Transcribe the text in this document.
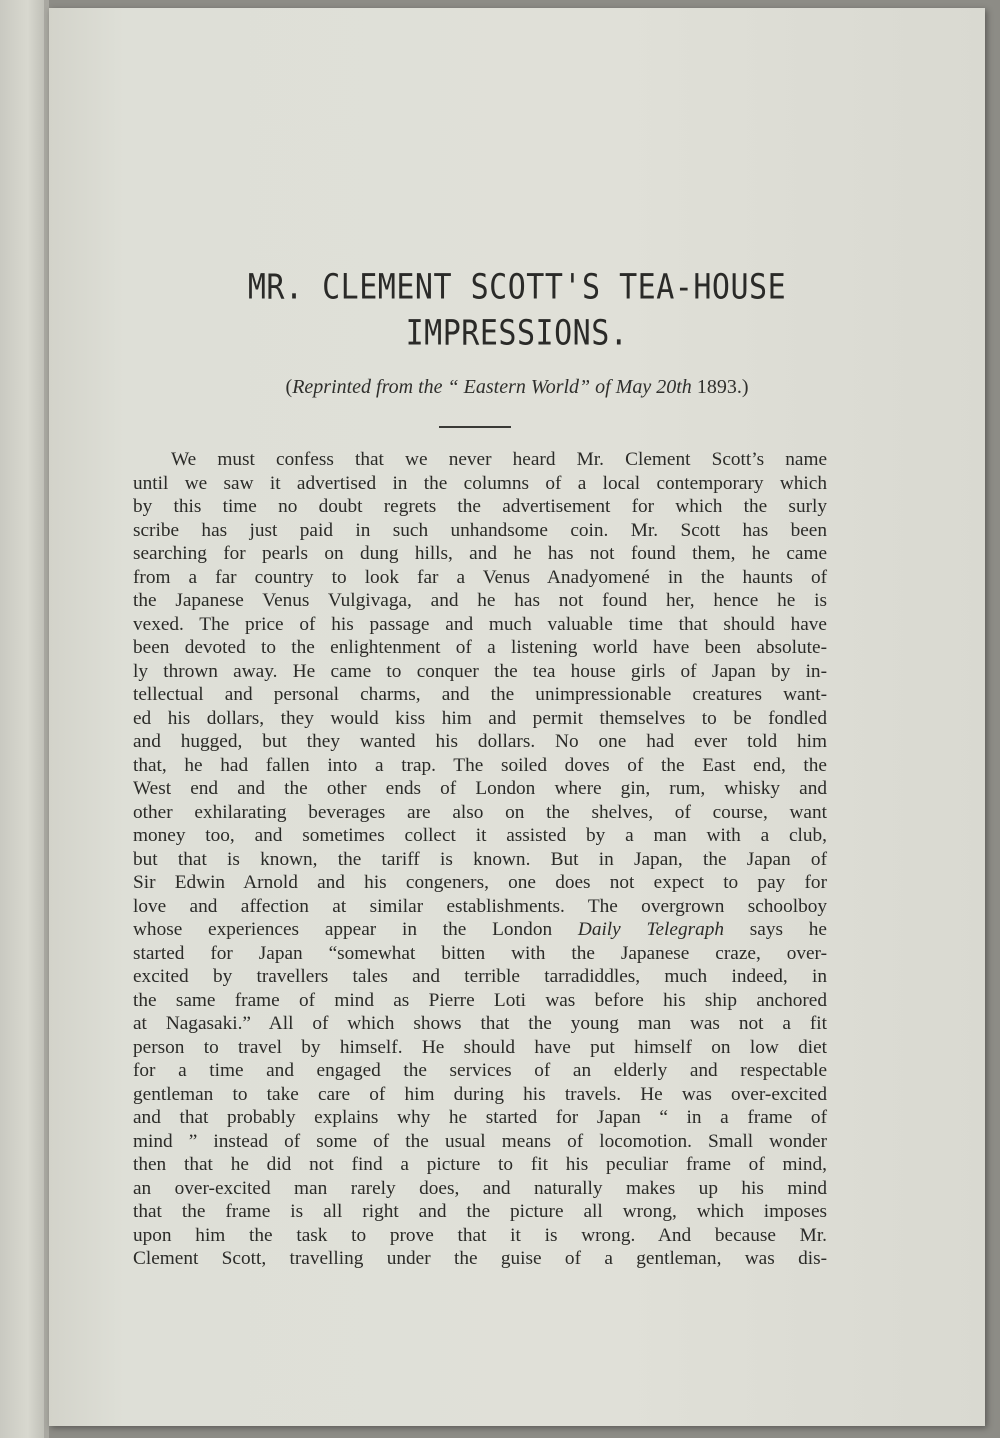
MR. CLEMENT SCOTT'S TEA-HOUSE
IMPRESSIONS.
(Reprinted from the “ Eastern World” of May 20th 1893.)
We must confess that we never heard Mr. Clement Scott’s name
until we saw it advertised in the columns of a local contemporary which
by this time no doubt regrets the advertisement for which the surly
scribe has just paid in such unhandsome coin. Mr. Scott has been
searching for pearls on dung hills, and he has not found them, he came
from a far country to look far a Venus Anadyomené in the haunts of
the Japanese Venus Vulgivaga, and he has not found her, hence he is
vexed. The price of his passage and much valuable time that should have
been devoted to the enlightenment of a listening world have been absolute-
ly thrown away. He came to conquer the tea house girls of Japan by in-
tellectual and personal charms, and the unimpressionable creatures want-
ed his dollars, they would kiss him and permit themselves to be fondled
and hugged, but they wanted his dollars. No one had ever told him
that, he had fallen into a trap. The soiled doves of the East end, the
West end and the other ends of London where gin, rum, whisky and
other exhilarating beverages are also on the shelves, of course, want
money too, and sometimes collect it assisted by a man with a club,
but that is known, the tariff is known. But in Japan, the Japan of
Sir Edwin Arnold and his congeners, one does not expect to pay for
love and affection at similar establishments. The overgrown schoolboy
whose experiences appear in the London Daily Telegraph says he
started for Japan “somewhat bitten with the Japanese craze, over-
excited by travellers tales and terrible tarradiddles, much indeed, in
the same frame of mind as Pierre Loti was before his ship anchored
at Nagasaki.” All of which shows that the young man was not a fit
person to travel by himself. He should have put himself on low diet
for a time and engaged the services of an elderly and respectable
gentleman to take care of him during his travels. He was over-excited
and that probably explains why he started for Japan “ in a frame of
mind ” instead of some of the usual means of locomotion. Small wonder
then that he did not find a picture to fit his peculiar frame of mind,
an over-excited man rarely does, and naturally makes up his mind
that the frame is all right and the picture all wrong, which imposes
upon him the task to prove that it is wrong. And because Mr.
Clement Scott, travelling under the guise of a gentleman, was dis-
